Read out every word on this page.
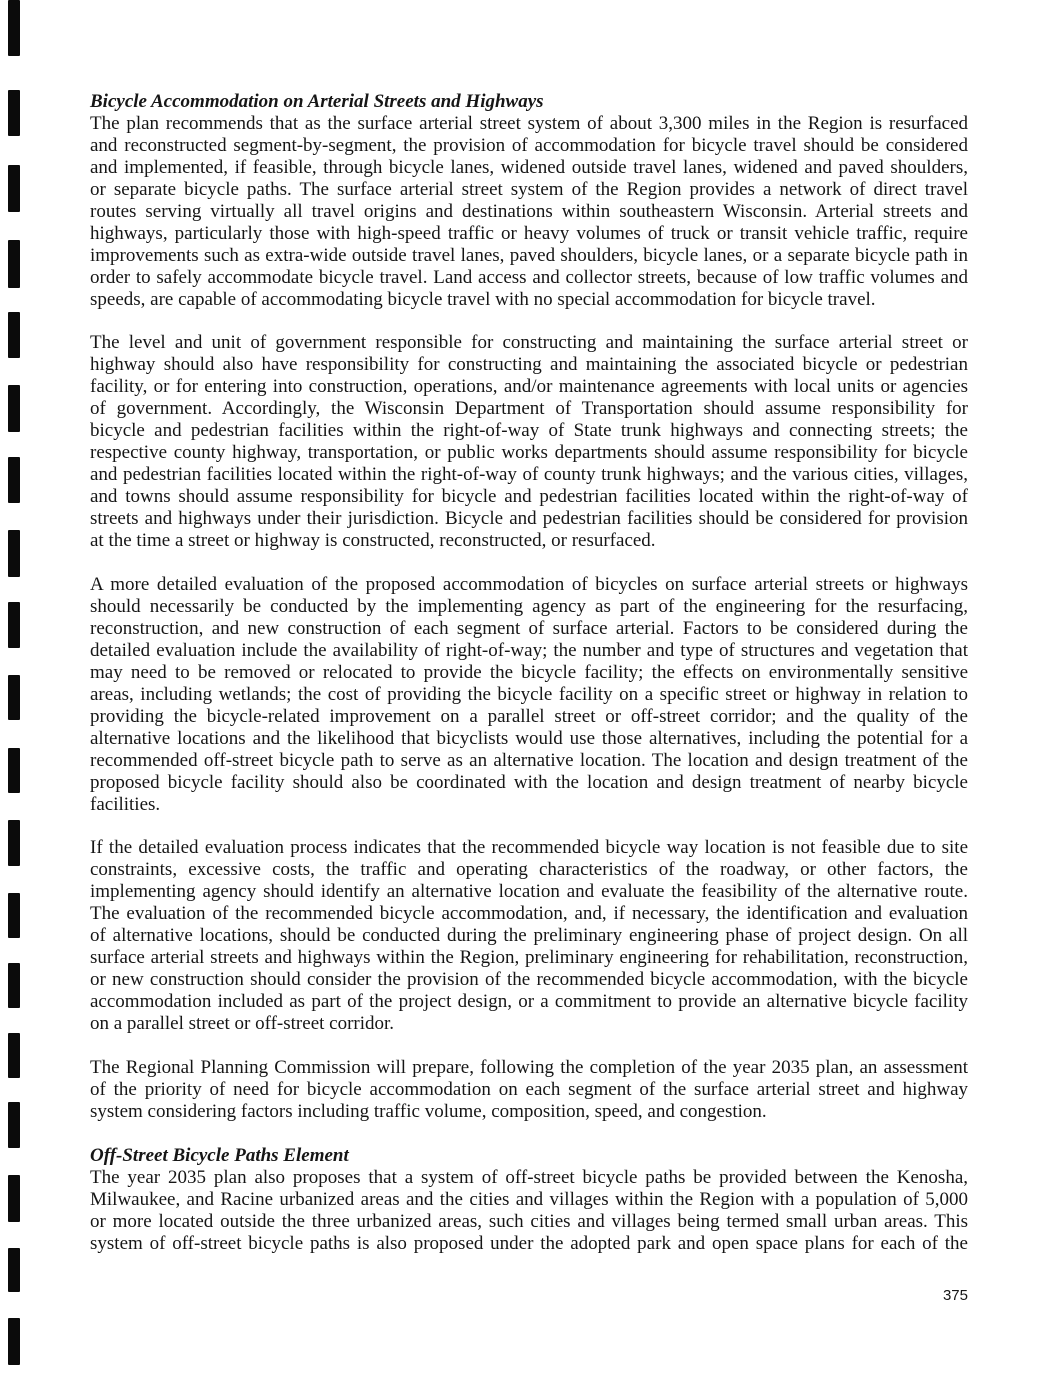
Bicycle Accommodation on Arterial Streets and Highways
The plan recommends that as the surface arterial street system of about 3,300 miles in the Region is resurfaced
and reconstructed segment-by-segment, the provision of accommodation for bicycle travel should be considered
and implemented, if feasible, through bicycle lanes, widened outside travel lanes, widened and paved shoulders,
or separate bicycle paths. The surface arterial street system of the Region provides a network of direct travel
routes serving virtually all travel origins and destinations within southeastern Wisconsin. Arterial streets and
highways, particularly those with high-speed traffic or heavy volumes of truck or transit vehicle traffic, require
improvements such as extra-wide outside travel lanes, paved shoulders, bicycle lanes, or a separate bicycle path in
order to safely accommodate bicycle travel. Land access and collector streets, because of low traffic volumes and
speeds, are capable of accommodating bicycle travel with no special accommodation for bicycle travel.
The level and unit of government responsible for constructing and maintaining the surface arterial street or
highway should also have responsibility for constructing and maintaining the associated bicycle or pedestrian
facility, or for entering into construction, operations, and/or maintenance agreements with local units or agencies
of government. Accordingly, the Wisconsin Department of Transportation should assume responsibility for
bicycle and pedestrian facilities within the right-of-way of State trunk highways and connecting streets; the
respective county highway, transportation, or public works departments should assume responsibility for bicycle
and pedestrian facilities located within the right-of-way of county trunk highways; and the various cities, villages,
and towns should assume responsibility for bicycle and pedestrian facilities located within the right-of-way of
streets and highways under their jurisdiction. Bicycle and pedestrian facilities should be considered for provision
at the time a street or highway is constructed, reconstructed, or resurfaced.
A more detailed evaluation of the proposed accommodation of bicycles on surface arterial streets or highways
should necessarily be conducted by the implementing agency as part of the engineering for the resurfacing,
reconstruction, and new construction of each segment of surface arterial. Factors to be considered during the
detailed evaluation include the availability of right-of-way; the number and type of structures and vegetation that
may need to be removed or relocated to provide the bicycle facility; the effects on environmentally sensitive
areas, including wetlands; the cost of providing the bicycle facility on a specific street or highway in relation to
providing the bicycle-related improvement on a parallel street or off-street corridor; and the quality of the
alternative locations and the likelihood that bicyclists would use those alternatives, including the potential for a
recommended off-street bicycle path to serve as an alternative location. The location and design treatment of the
proposed bicycle facility should also be coordinated with the location and design treatment of nearby bicycle
facilities.
If the detailed evaluation process indicates that the recommended bicycle way location is not feasible due to site
constraints, excessive costs, the traffic and operating characteristics of the roadway, or other factors, the
implementing agency should identify an alternative location and evaluate the feasibility of the alternative route.
The evaluation of the recommended bicycle accommodation, and, if necessary, the identification and evaluation
of alternative locations, should be conducted during the preliminary engineering phase of project design. On all
surface arterial streets and highways within the Region, preliminary engineering for rehabilitation, reconstruction,
or new construction should consider the provision of the recommended bicycle accommodation, with the bicycle
accommodation included as part of the project design, or a commitment to provide an alternative bicycle facility
on a parallel street or off-street corridor.
The Regional Planning Commission will prepare, following the completion of the year 2035 plan, an assessment
of the priority of need for bicycle accommodation on each segment of the surface arterial street and highway
system considering factors including traffic volume, composition, speed, and congestion.
Off-Street Bicycle Paths Element
The year 2035 plan also proposes that a system of off-street bicycle paths be provided between the Kenosha,
Milwaukee, and Racine urbanized areas and the cities and villages within the Region with a population of 5,000
or more located outside the three urbanized areas, such cities and villages being termed small urban areas. This
system of off-street bicycle paths is also proposed under the adopted park and open space plans for each of the
375
